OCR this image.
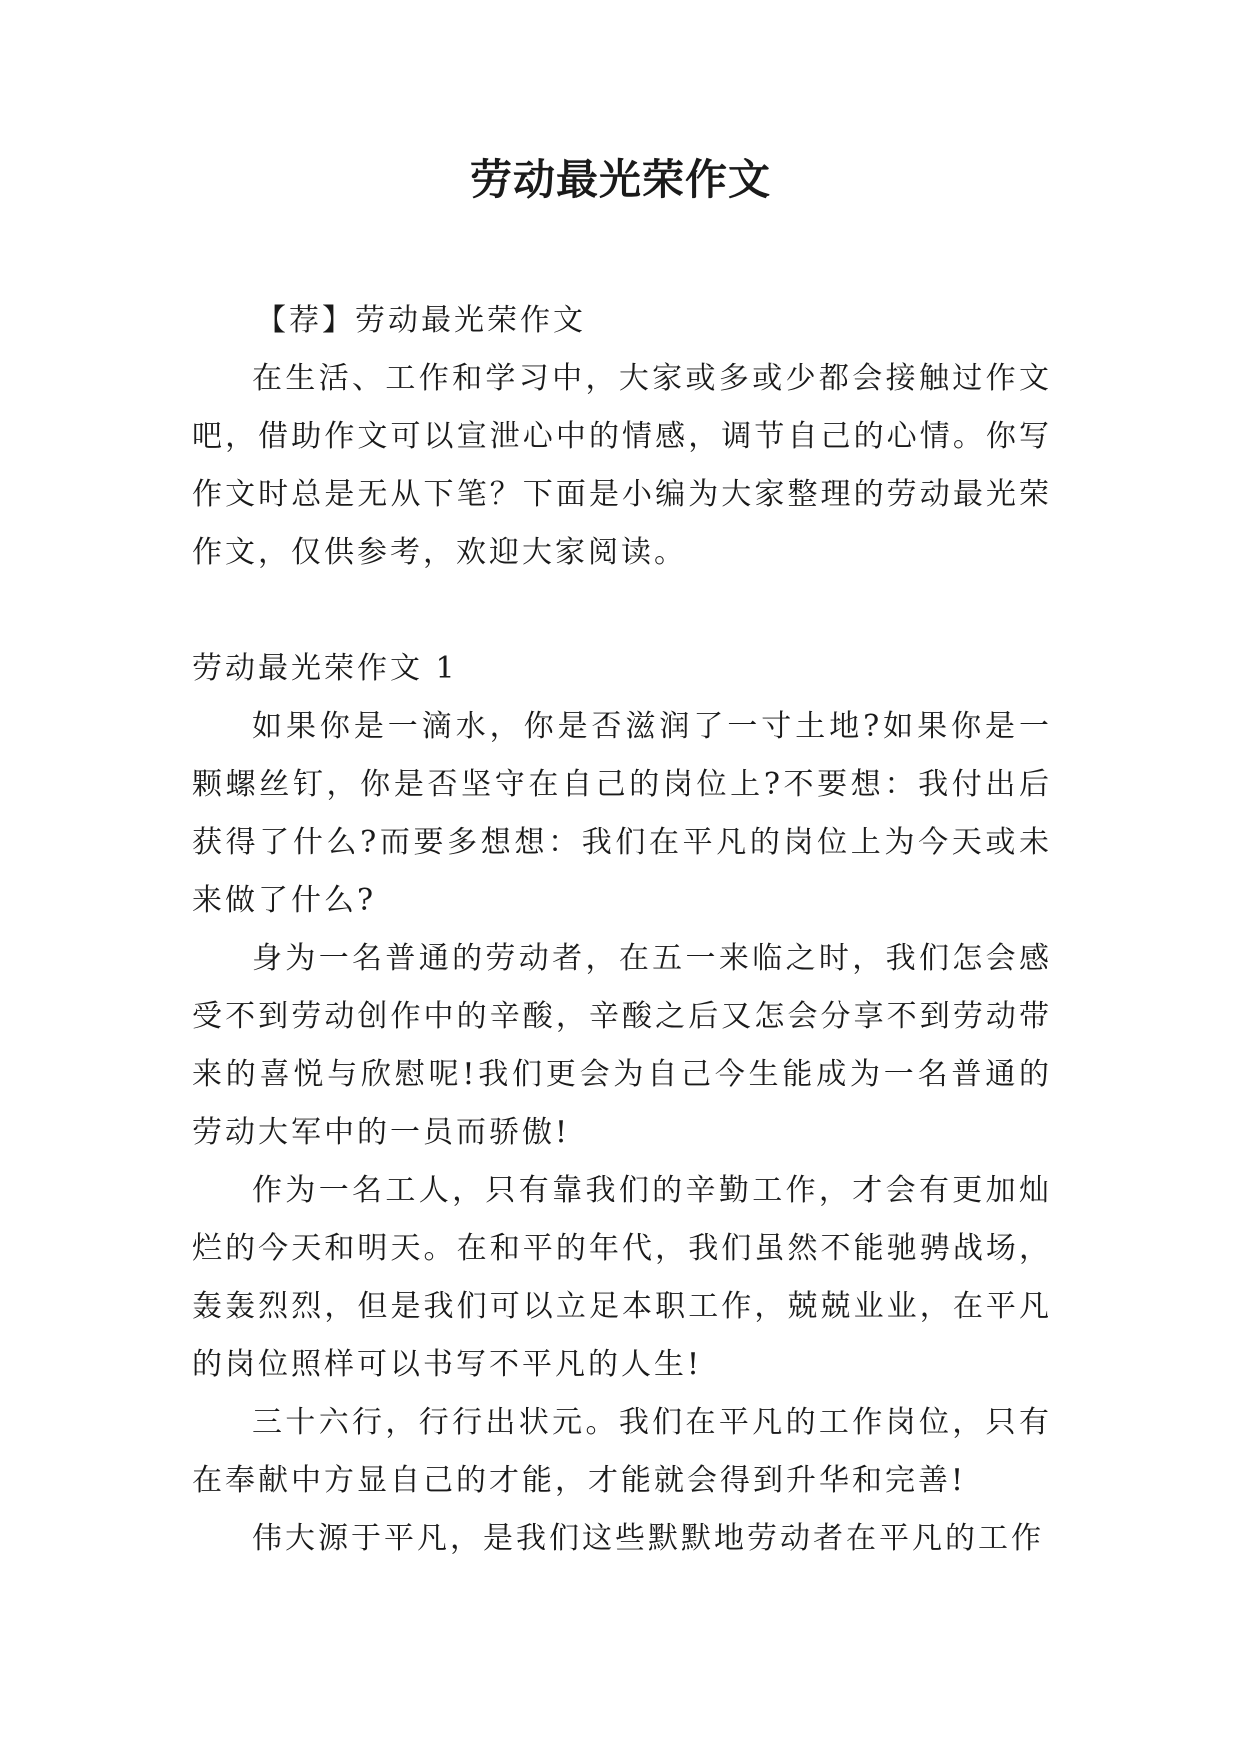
劳动最光荣作文

【荐】劳动最光荣作文

在生活、工作和学习中，大家或多或少都会接触过作文吧，借助作文可以宣泄心中的情感，调节自己的心情。你写作文时总是无从下笔？下面是小编为大家整理的劳动最光荣作文，仅供参考，欢迎大家阅读。

劳动最光荣作文 1

如果你是一滴水，你是否滋润了一寸土地?如果你是一颗螺丝钉，你是否坚守在自己的岗位上?不要想：我付出后获得了什么?而要多想想：我们在平凡的岗位上为今天或未来做了什么?

身为一名普通的劳动者，在五一来临之时，我们怎会感受不到劳动创作中的辛酸，辛酸之后又怎会分享不到劳动带来的喜悦与欣慰呢!我们更会为自己今生能成为一名普通的劳动大军中的一员而骄傲!

作为一名工人，只有靠我们的辛勤工作，才会有更加灿烂的今天和明天。在和平的年代，我们虽然不能驰骋战场，轰轰烈烈，但是我们可以立足本职工作，兢兢业业，在平凡的岗位照样可以书写不平凡的人生!

三十六行，行行出状元。我们在平凡的工作岗位，只有在奉献中方显自己的才能，才能就会得到升华和完善!

伟大源于平凡，是我们这些默默地劳动者在平凡的工作
